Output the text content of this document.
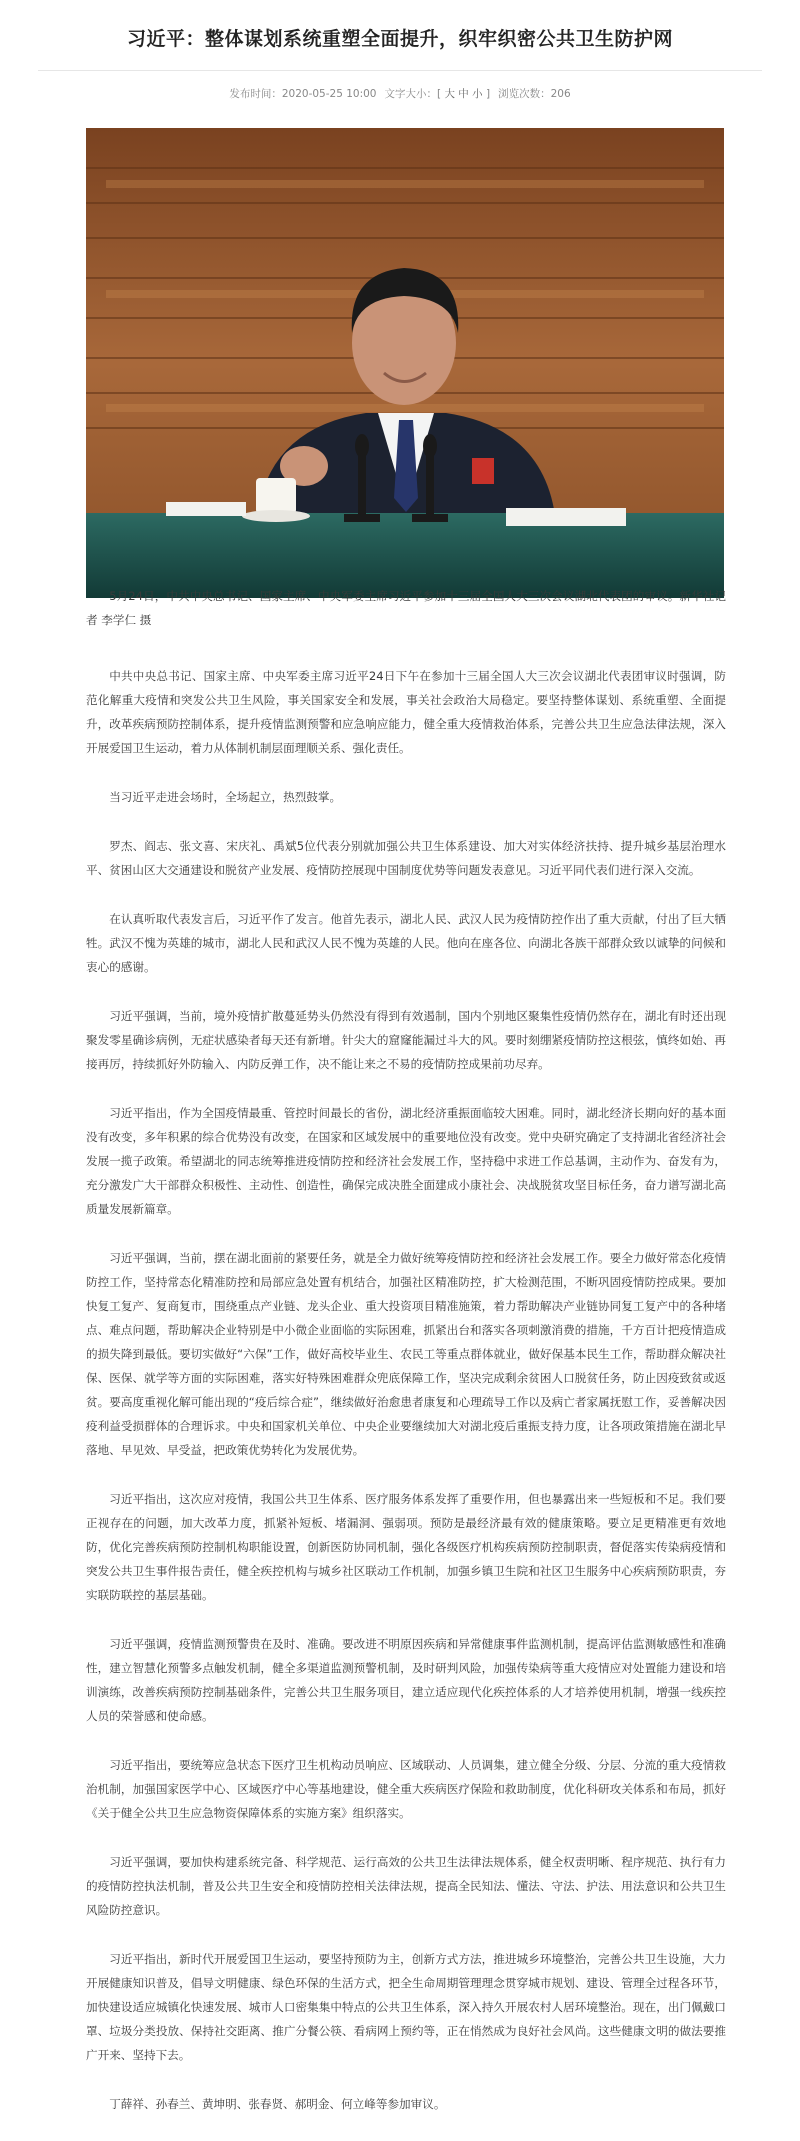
习近平：整体谋划系统重塑全面提升，织牢织密公共卫生防护网
发布时间：2020-05-25 10:00 文字大小：[ 大 中 小 ] 浏览次数：206

5月24日，中共中央总书记、国家主席、中央军委主席习近平参加十三届全国人大三次会议湖北代表团的审议。新华社记者 李学仁 摄

中共中央总书记、国家主席、中央军委主席习近平24日下午在参加十三届全国人大三次会议湖北代表团审议时强调，防范化解重大疫情和突发公共卫生风险，事关国家安全和发展，事关社会政治大局稳定。要坚持整体谋划、系统重塑、全面提升，改革疾病预防控制体系，提升疫情监测预警和应急响应能力，健全重大疫情救治体系，完善公共卫生应急法律法规，深入开展爱国卫生运动，着力从体制机制层面理顺关系、强化责任。

当习近平走进会场时，全场起立，热烈鼓掌。

罗杰、阎志、张文喜、宋庆礼、禹斌5位代表分别就加强公共卫生体系建设、加大对实体经济扶持、提升城乡基层治理水平、贫困山区大交通建设和脱贫产业发展、疫情防控展现中国制度优势等问题发表意见。习近平同代表们进行深入交流。

在认真听取代表发言后，习近平作了发言。他首先表示，湖北人民、武汉人民为疫情防控作出了重大贡献，付出了巨大牺牲。武汉不愧为英雄的城市，湖北人民和武汉人民不愧为英雄的人民。他向在座各位、向湖北各族干部群众致以诚挚的问候和衷心的感谢。

习近平强调，当前，境外疫情扩散蔓延势头仍然没有得到有效遏制，国内个别地区聚集性疫情仍然存在，湖北有时还出现聚发零星确诊病例，无症状感染者每天还有新增。针尖大的窟窿能漏过斗大的风。要时刻绷紧疫情防控这根弦，慎终如始、再接再厉，持续抓好外防输入、内防反弹工作，决不能让来之不易的疫情防控成果前功尽弃。

习近平指出，作为全国疫情最重、管控时间最长的省份，湖北经济重振面临较大困难。同时，湖北经济长期向好的基本面没有改变，多年积累的综合优势没有改变，在国家和区域发展中的重要地位没有改变。党中央研究确定了支持湖北省经济社会发展一揽子政策。希望湖北的同志统筹推进疫情防控和经济社会发展工作，坚持稳中求进工作总基调，主动作为、奋发有为，充分激发广大干部群众积极性、主动性、创造性，确保完成决胜全面建成小康社会、决战脱贫攻坚目标任务，奋力谱写湖北高质量发展新篇章。

习近平强调，当前，摆在湖北面前的紧要任务，就是全力做好统筹疫情防控和经济社会发展工作。要全力做好常态化疫情防控工作，坚持常态化精准防控和局部应急处置有机结合，加强社区精准防控，扩大检测范围，不断巩固疫情防控成果。要加快复工复产、复商复市，围绕重点产业链、龙头企业、重大投资项目精准施策，着力帮助解决产业链协同复工复产中的各种堵点、难点问题，帮助解决企业特别是中小微企业面临的实际困难，抓紧出台和落实各项刺激消费的措施，千方百计把疫情造成的损失降到最低。要切实做好“六保”工作，做好高校毕业生、农民工等重点群体就业，做好保基本民生工作，帮助群众解决社保、医保、就学等方面的实际困难，落实好特殊困难群众兜底保障工作，坚决完成剩余贫困人口脱贫任务，防止因疫致贫或返贫。要高度重视化解可能出现的“疫后综合症”，继续做好治愈患者康复和心理疏导工作以及病亡者家属抚慰工作，妥善解决因疫利益受损群体的合理诉求。中央和国家机关单位、中央企业要继续加大对湖北疫后重振支持力度，让各项政策措施在湖北早落地、早见效、早受益，把政策优势转化为发展优势。

习近平指出，这次应对疫情，我国公共卫生体系、医疗服务体系发挥了重要作用，但也暴露出来一些短板和不足。我们要正视存在的问题，加大改革力度，抓紧补短板、堵漏洞、强弱项。预防是最经济最有效的健康策略。要立足更精准更有效地防，优化完善疾病预防控制机构职能设置，创新医防协同机制，强化各级医疗机构疾病预防控制职责，督促落实传染病疫情和突发公共卫生事件报告责任，健全疾控机构与城乡社区联动工作机制，加强乡镇卫生院和社区卫生服务中心疾病预防职责，夯实联防联控的基层基础。

习近平强调，疫情监测预警贵在及时、准确。要改进不明原因疾病和异常健康事件监测机制，提高评估监测敏感性和准确性，建立智慧化预警多点触发机制，健全多渠道监测预警机制，及时研判风险，加强传染病等重大疫情应对处置能力建设和培训演练，改善疾病预防控制基础条件，完善公共卫生服务项目，建立适应现代化疾控体系的人才培养使用机制，增强一线疾控人员的荣誉感和使命感。

习近平指出，要统筹应急状态下医疗卫生机构动员响应、区域联动、人员调集，建立健全分级、分层、分流的重大疫情救治机制，加强国家医学中心、区域医疗中心等基地建设，健全重大疾病医疗保险和救助制度，优化科研攻关体系和布局，抓好《关于健全公共卫生应急物资保障体系的实施方案》组织落实。

习近平强调，要加快构建系统完备、科学规范、运行高效的公共卫生法律法规体系，健全权责明晰、程序规范、执行有力的疫情防控执法机制，普及公共卫生安全和疫情防控相关法律法规，提高全民知法、懂法、守法、护法、用法意识和公共卫生风险防控意识。

习近平指出，新时代开展爱国卫生运动，要坚持预防为主，创新方式方法，推进城乡环境整治，完善公共卫生设施，大力开展健康知识普及，倡导文明健康、绿色环保的生活方式，把全生命周期管理理念贯穿城市规划、建设、管理全过程各环节，加快建设适应城镇化快速发展、城市人口密集集中特点的公共卫生体系，深入持久开展农村人居环境整治。现在，出门佩戴口罩、垃圾分类投放、保持社交距离、推广分餐公筷、看病网上预约等，正在悄然成为良好社会风尚。这些健康文明的做法要推广开来、坚持下去。

丁薛祥、孙春兰、黄坤明、张春贤、郝明金、何立峰等参加审议。
